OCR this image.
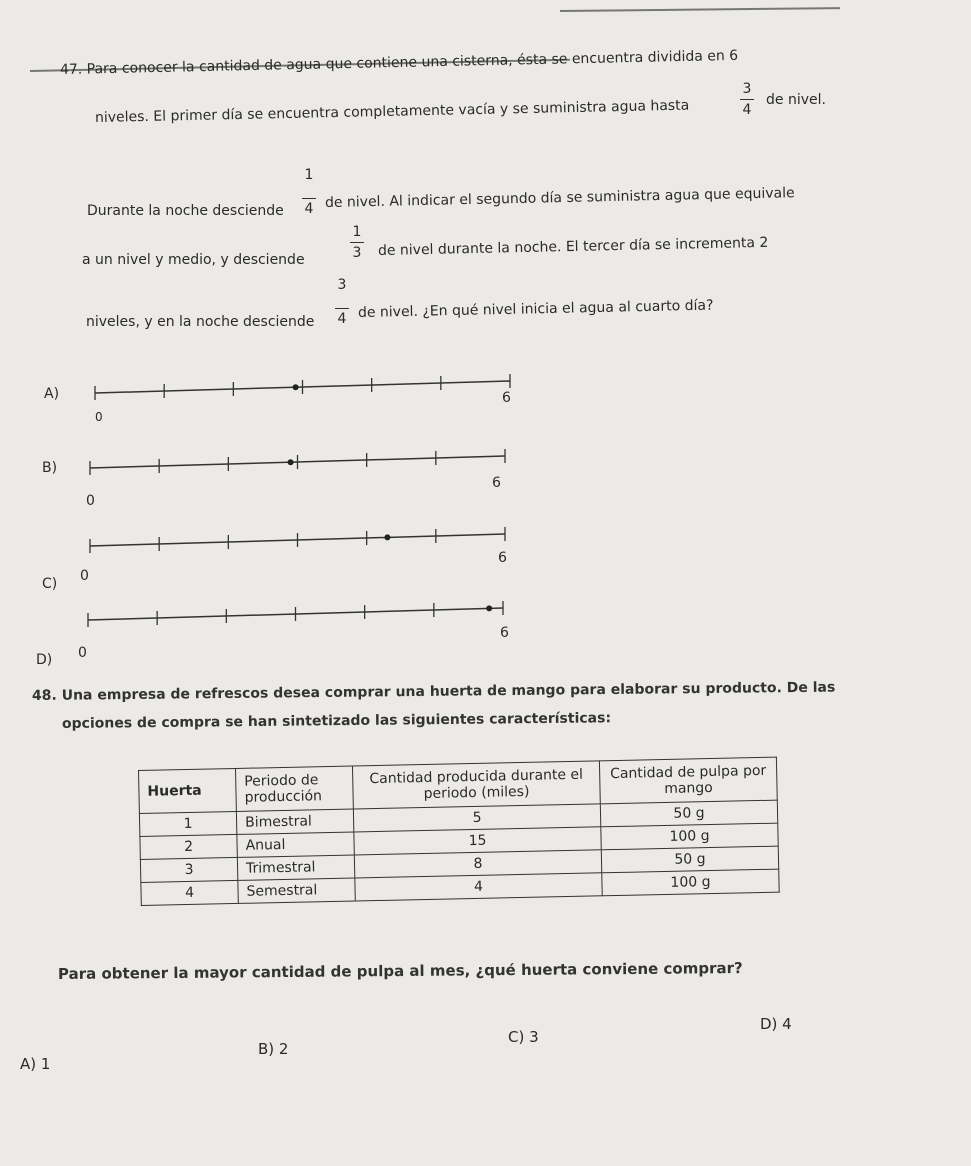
47. Para conocer la cantidad de agua que contiene una cisterna, ésta se encuentra dividida en 6
niveles. El primer día se encuentra completamente vacía y se suministra agua hasta
3
4
de nivel.
Durante la noche desciende
1
4 de nivel. Al indicar el segundo día se suministra agua que equivale
a un nivel y medio, y desciende
1
3 de nivel durante la noche. El tercer día se incrementa 2
niveles, y en la noche desciende
3
4 de nivel. ¿En qué nivel inicia el agua al cuarto día?
A)
0
6
B)
0
6
6
C) 0
6
D) 0
48. Una empresa de refrescos desea comprar una huerta de mango para elaborar su producto. De las
opciones de compra se han sintetizado las siguientes características:
Huerta	Periodo de producción	Cantidad producida durante el periodo (miles)	Cantidad de pulpa por mango
1	Bimestral	5	50 g
2	Anual	15	100 g
3	Trimestral	8	50 g
4	Semestral	4	100 g
Para obtener la mayor cantidad de pulpa al mes, ¿qué huerta conviene comprar?
A) 1
B) 2
C) 3
D) 4
